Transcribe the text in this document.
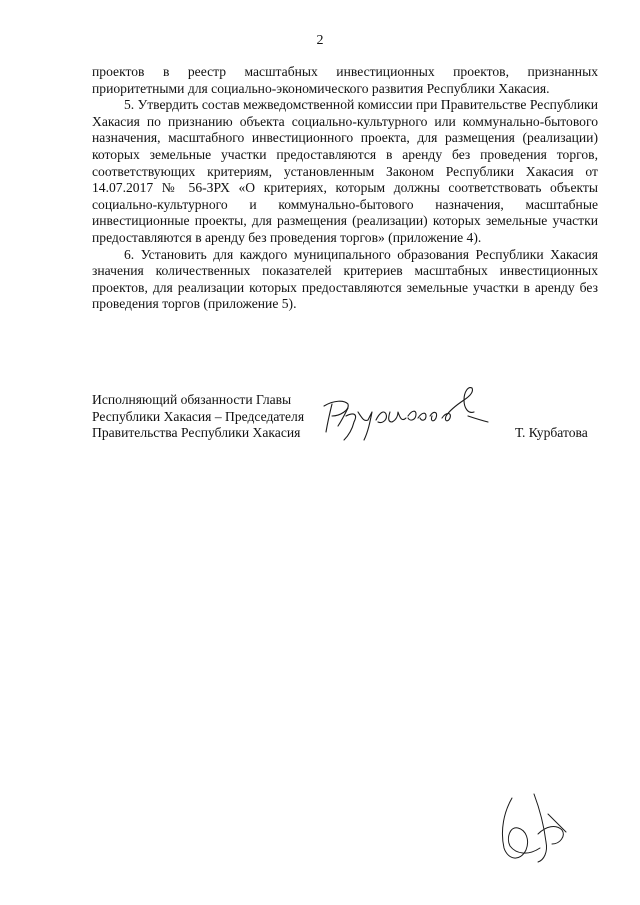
2

проектов в реестр масштабных инвестиционных проектов, признанных приоритетными для социально-экономического развития Республики Хакасия.

5. Утвердить состав межведомственной комиссии при Правительстве Республики Хакасия по признанию объекта социально-культурного или коммунально-бытового назначения, масштабного инвестиционного проекта, для размещения (реализации) которых земельные участки предоставляются в аренду без проведения торгов, соответствующих критериям, установленным Законом Республики Хакасия от 14.07.2017 № 56-ЗРХ «О критериях, которым должны соответствовать объекты социально-культурного и коммунально-бытового назначения, масштабные инвестиционные проекты, для размещения (реализации) которых земельные участки предоставляются в аренду без проведения торгов» (приложение 4).

6. Установить для каждого муниципального образования Республики Хакасия значения количественных показателей критериев масштабных инвестиционных проектов, для реализации которых предоставляются земельные участки в аренду без проведения торгов (приложение 5).

Исполняющий обязанности Главы
Республики Хакасия – Председателя
Правительства Республики Хакасия	Т. Курбатова
